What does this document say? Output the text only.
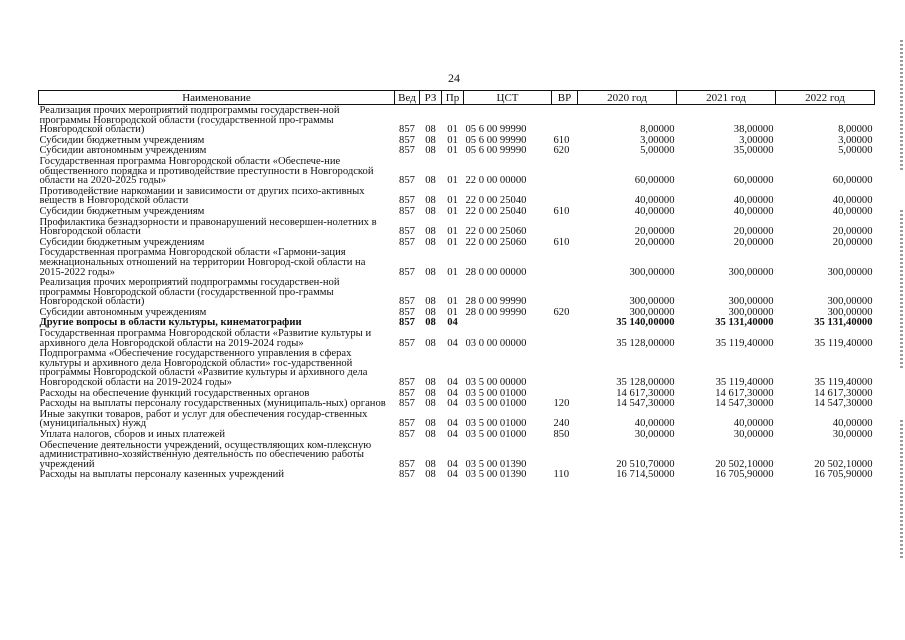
24
Наименование	Вед	РЗ	Пр	ЦСТ	ВР	2020 год	2021 год	2022 год
Реализация прочих мероприятий подпрограммы государствен-ной программы Новгородской области (государственной про-граммы Новгородской области)	857	08	01	05 6 00 99990		8,00000	38,00000	8,00000
Субсидии бюджетным учреждениям	857	08	01	05 6 00 99990	610	3,00000	3,00000	3,00000
Субсидии автономным учреждениям	857	08	01	05 6 00 99990	620	5,00000	35,00000	5,00000
Государственная программа Новгородской области «Обеспече-ние общественного порядка и противодействие преступности в Новгородской области на 2020-2025 годы»	857	08	01	22 0 00 00000		60,00000	60,00000	60,00000
Противодействие наркомании и зависимости от других психо-активных веществ в Новгородской области	857	08	01	22 0 00 25040		40,00000	40,00000	40,00000
Субсидии бюджетным учреждениям	857	08	01	22 0 00 25040	610	40,00000	40,00000	40,00000
Профилактика безнадзорности и правонарушений несовершен-нолетних в Новгородской области	857	08	01	22 0 00 25060		20,00000	20,00000	20,00000
Субсидии бюджетным учреждениям	857	08	01	22 0 00 25060	610	20,00000	20,00000	20,00000
Государственная программа Новгородской области «Гармони-зация межнациональных отношений на территории Новгород-ской области на 2015-2022 годы»	857	08	01	28 0 00 00000		300,00000	300,00000	300,00000
Реализация прочих мероприятий подпрограммы государствен-ной программы Новгородской области (государственной про-граммы Новгородской области)	857	08	01	28 0 00 99990		300,00000	300,00000	300,00000
Субсидии автономным учреждениям	857	08	01	28 0 00 99990	620	300,00000	300,00000	300,00000
Другие вопросы в области культуры, кинематографии	857	08	04			35 140,00000	35 131,40000	35 131,40000
Государственная программа Новгородской области «Развитие культуры и архивного дела Новгородской области на 2019-2024 годы»	857	08	04	03 0 00 00000		35 128,00000	35 119,40000	35 119,40000
Подпрограмма «Обеспечение государственного управления в сферах культуры и архивного дела Новгородской области» гос-ударственной программы Новгородской области «Развитие культуры и архивного дела Новгородской области на 2019-2024 годы»	857	08	04	03 5 00 00000		35 128,00000	35 119,40000	35 119,40000
Расходы на обеспечение функций государственных органов	857	08	04	03 5 00 01000		14 617,30000	14 617,30000	14 617,30000
Расходы на выплаты персоналу государственных (муниципаль-ных) органов	857	08	04	03 5 00 01000	120	14 547,30000	14 547,30000	14 547,30000
Иные закупки товаров, работ и услуг для обеспечения государ-ственных (муниципальных) нужд	857	08	04	03 5 00 01000	240	40,00000	40,00000	40,00000
Уплата налогов, сборов и иных платежей	857	08	04	03 5 00 01000	850	30,00000	30,00000	30,00000
Обеспечение деятельности учреждений, осуществляющих ком-плексную административно-хозяйственную деятельность по обеспечению работы учреждений	857	08	04	03 5 00 01390		20 510,70000	20 502,10000	20 502,10000
Расходы на выплаты персоналу казенных учреждений	857	08	04	03 5 00 01390	110	16 714,50000	16 705,90000	16 705,90000
